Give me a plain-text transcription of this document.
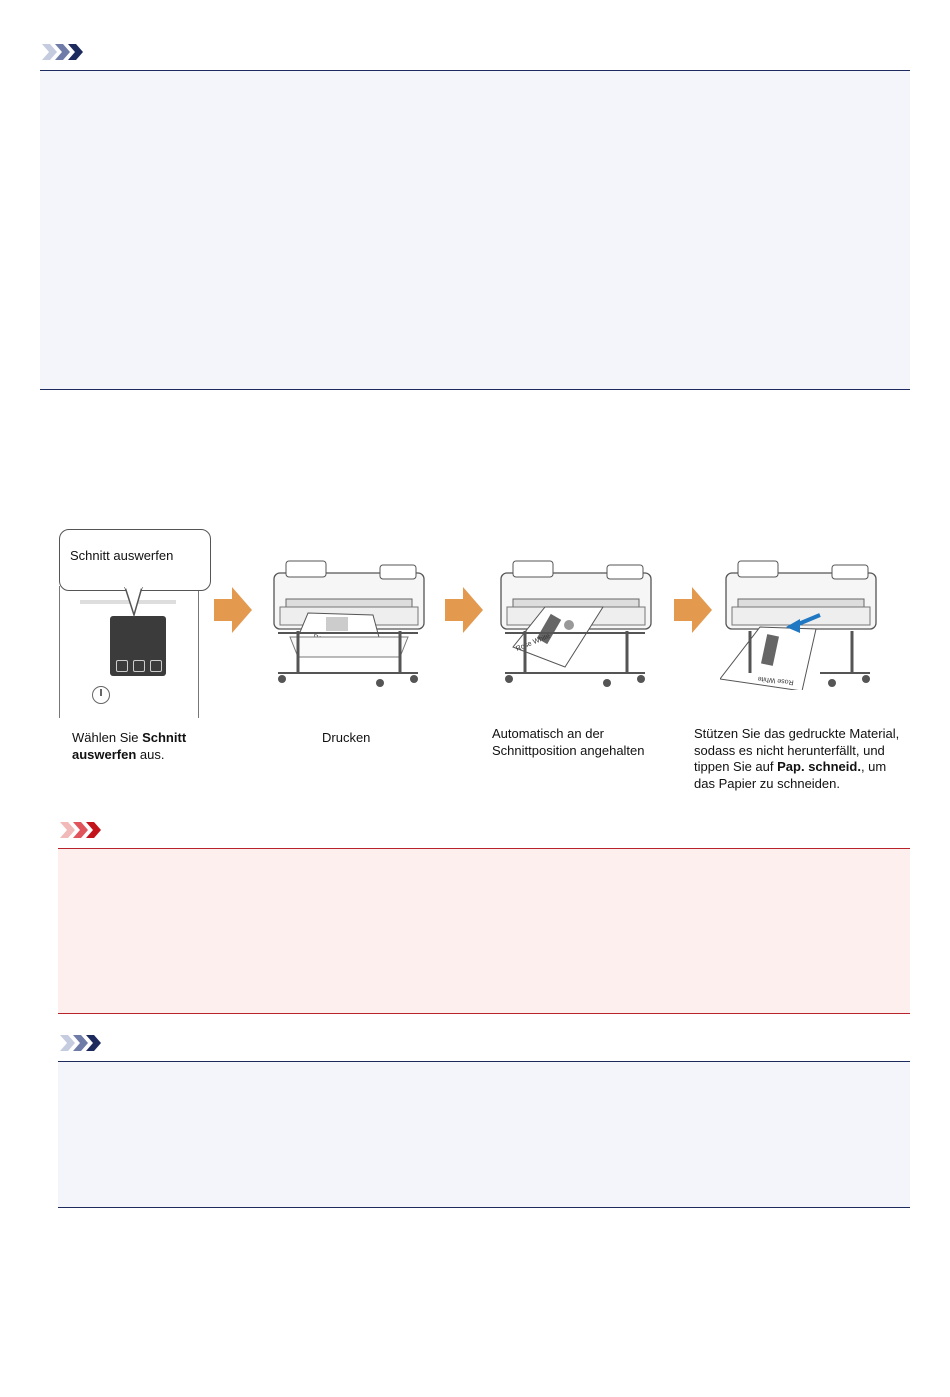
Schnitt auswerfen
Rose White
Rose White
Wählen Sie Schnitt
auswerfen aus.
Drucken	Automatisch an der
Schnittposition angehalten
Stützen Sie das gedruckte Material,
sodass es nicht herunterfällt, und
tippen Sie auf Pap. schneid., um
das Papier zu schneiden.
